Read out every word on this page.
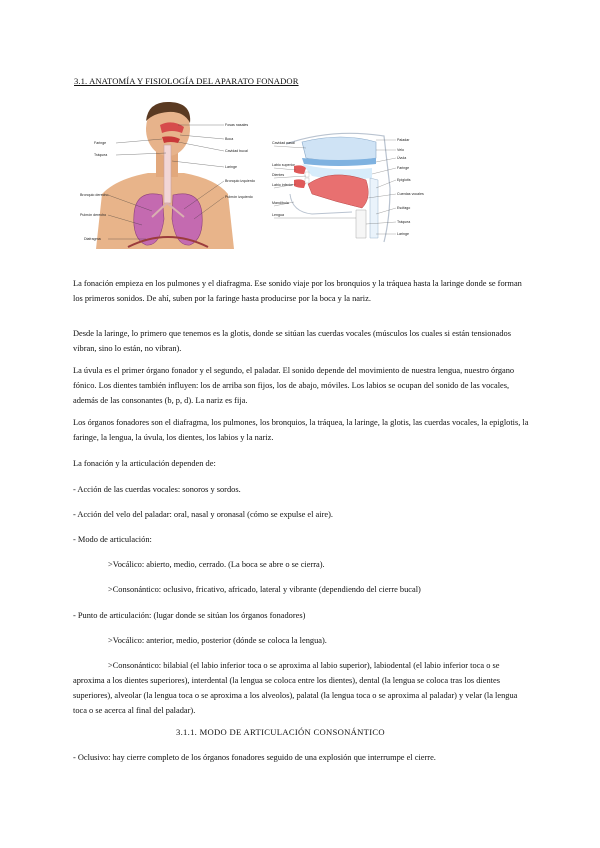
3.1. ANATOMÍA Y FISIOLOGÍA DEL APARATO FONADOR
Fosas nasales
Boca
Cavidad bucal
Laringe
Bronquio izquierdo
Pulmón izquierdo
Faringe
Tráquea
Bronquio derecho
Pulmón derecho
Diafragma
Paladar
Velo
Úvula
Faringe
Epiglotis
Cuerdas vocales
Esófago
Tráquea
Laringe
Cavidad nasal
Labio superior
Dientes
Labio inferior
Mandíbula
Lengua
La fonación empieza en los pulmones y el diafragma. Ese sonido viaje por los bronquios y la tráquea hasta la laringe donde se forman los primeros sonidos. De ahí, suben por la faringe hasta producirse por la boca y la nariz.
Desde la laringe, lo primero que tenemos es la glotis, donde se sitúan las cuerdas vocales (músculos los cuales si están tensionados vibran, sino lo están, no vibran).
La úvula es el primer órgano fonador y el segundo, el paladar. El sonido depende del movimiento de nuestra lengua, nuestro órgano fónico. Los dientes también influyen: los de arriba son fijos, los de abajo, móviles. Los labios se ocupan del sonido de las vocales, además de las consonantes (b, p, d). La nariz es fija.
Los órganos fonadores son el diafragma, los pulmones, los bronquios, la tráquea, la laringe, la glotis, las cuerdas vocales, la epiglotis, la faringe, la lengua, la úvula, los dientes, los labios y la nariz.
La fonación y la articulación dependen de:
- Acción de las cuerdas vocales: sonoros y sordos.
- Acción del velo del paladar: oral, nasal y oronasal (cómo se expulse el aire).
- Modo de articulación:
>Vocálico: abierto, medio, cerrado. (La boca se abre o se cierra).
>Consonántico: oclusivo, fricativo, africado, lateral y vibrante (dependiendo del cierre bucal)
- Punto de articulación: (lugar donde se sitúan los órganos fonadores)
>Vocálico: anterior, medio, posterior (dónde se coloca la lengua).
>Consonántico: bilabial (el labio inferior toca o se aproxima al labio superior), labiodental (el labio inferior toca o se aproxima a los dientes superiores), interdental (la lengua se coloca entre los dientes), dental (la lengua se coloca tras los dientes superiores), alveolar (la lengua toca o se aproxima a los alveolos), palatal (la lengua toca o se aproxima al paladar) y velar (la lengua toca o se acerca al final del paladar).
3.1.1. MODO DE ARTICULACIÓN CONSONÁNTICO
- Oclusivo: hay cierre completo de los órganos fonadores seguido de una explosión que interrumpe el cierre.
